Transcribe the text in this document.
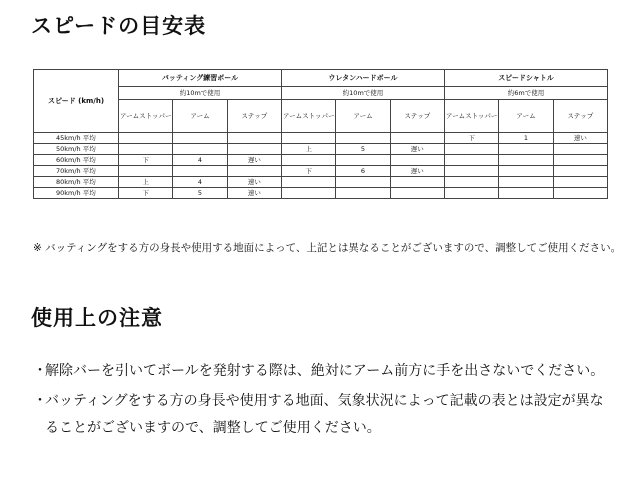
スピードの目安表
スピード (km/h)	バッティング練習ボール			ウレタンハードボール			スピードシャトル		
	約10mで使用			約10mで使用			約6mで使用		
	アームストッパー	アーム	ステップ	アームストッパー	アーム	ステップ	アームストッパー	アーム	ステップ
45km/h 平均							下	1	速い
50km/h 平均				上	5	遅い			
60km/h 平均	下	4	遅い						
70km/h 平均				下	6	遅い			
80km/h 平均	上	4	速い						
90km/h 平均	下	5	速い						

※ バッティングをする方の身長や使用する地面によって、上記とは異なることがございますので、調整してご使用ください。

使用上の注意
・
解除バーを引いてボールを発射する際は、絶対にアーム前方に手を出さないでください。
・
バッティングをする方の身長や使用する地面、気象状況によって記載の表とは設定が異なることがございますので、調整してご使用ください。
